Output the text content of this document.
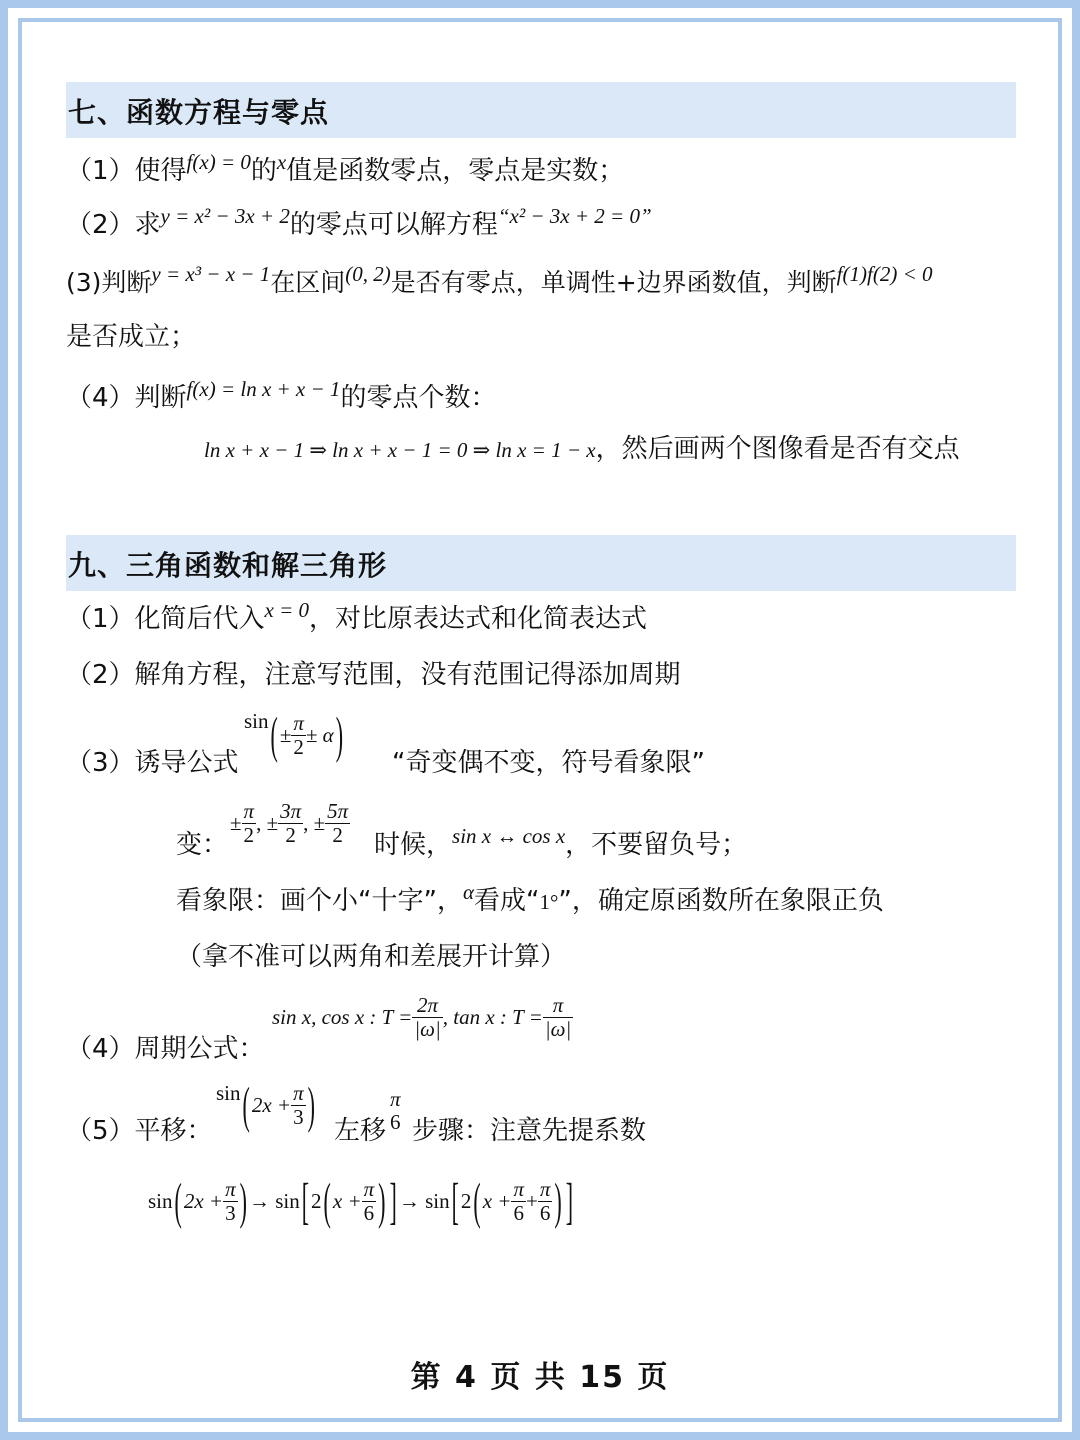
七、函数方程与零点
（1）使得$^{f(x) = 0}$的$^x$值是函数零点，零点是实数；
（2）求$^{y = x^2 - 3x + 2}$的零点可以解方程$^{“x^2 - 3x + 2 = 0”}$
(3)判断$^{y = x^3 - x - 1}$在区间$^{(0, 2)}$是否有零点，单调性+边界函数值，判断$^{f(1)f(2) < 0}$
是否成立；
（4）判断$^{f(x) = ln x + x - 1}$的零点个数：
ln x + x − 1 ⇒ ln x + x − 1 = 0 ⇒ ln x = 1 − x，然后画两个图像看是否有交点
九、三角函数和解三角形
（1）化简后代入$^{x = 0}$，对比原表达式和化简表达式
（2）解角方程，注意写范围，没有范围记得添加周期
（3）诱导公式
$\sin(\pm \frac{\pi}{2} \pm \alpha)$ “奇变偶不变，符号看象限”
变：
± $\frac{\pi}{2}$ , ± $\frac{3\pi}{2}$ , ± $\frac{5\pi}{2}$ 时候，$^{sin x \leftrightarrow cos x}$，不要留负号；
看象限：画个小“十字”，$^\alpha$看成“1°”，确定原函数所在象限正负
（拿不准可以两角和差展开计算）
（4）周期公式：
sin x, cos x : $T = \frac{2\pi}{|\omega|}$ , tan x : $T = \frac{\pi}{|\omega|}$
（5）平移：
$\sin(2x + \frac{\pi}{3}$ ) 左移
π
6 步骤：注意先提系数
$\sin(2x + \frac{\pi}{3}$ )→ $\sin[2(x + \frac{\pi}{6}$ ) ]→ $\sin[2(x + \frac{\pi}{6} + \frac{\pi}{6}$ ) ]
第 4 页 共 15 页
